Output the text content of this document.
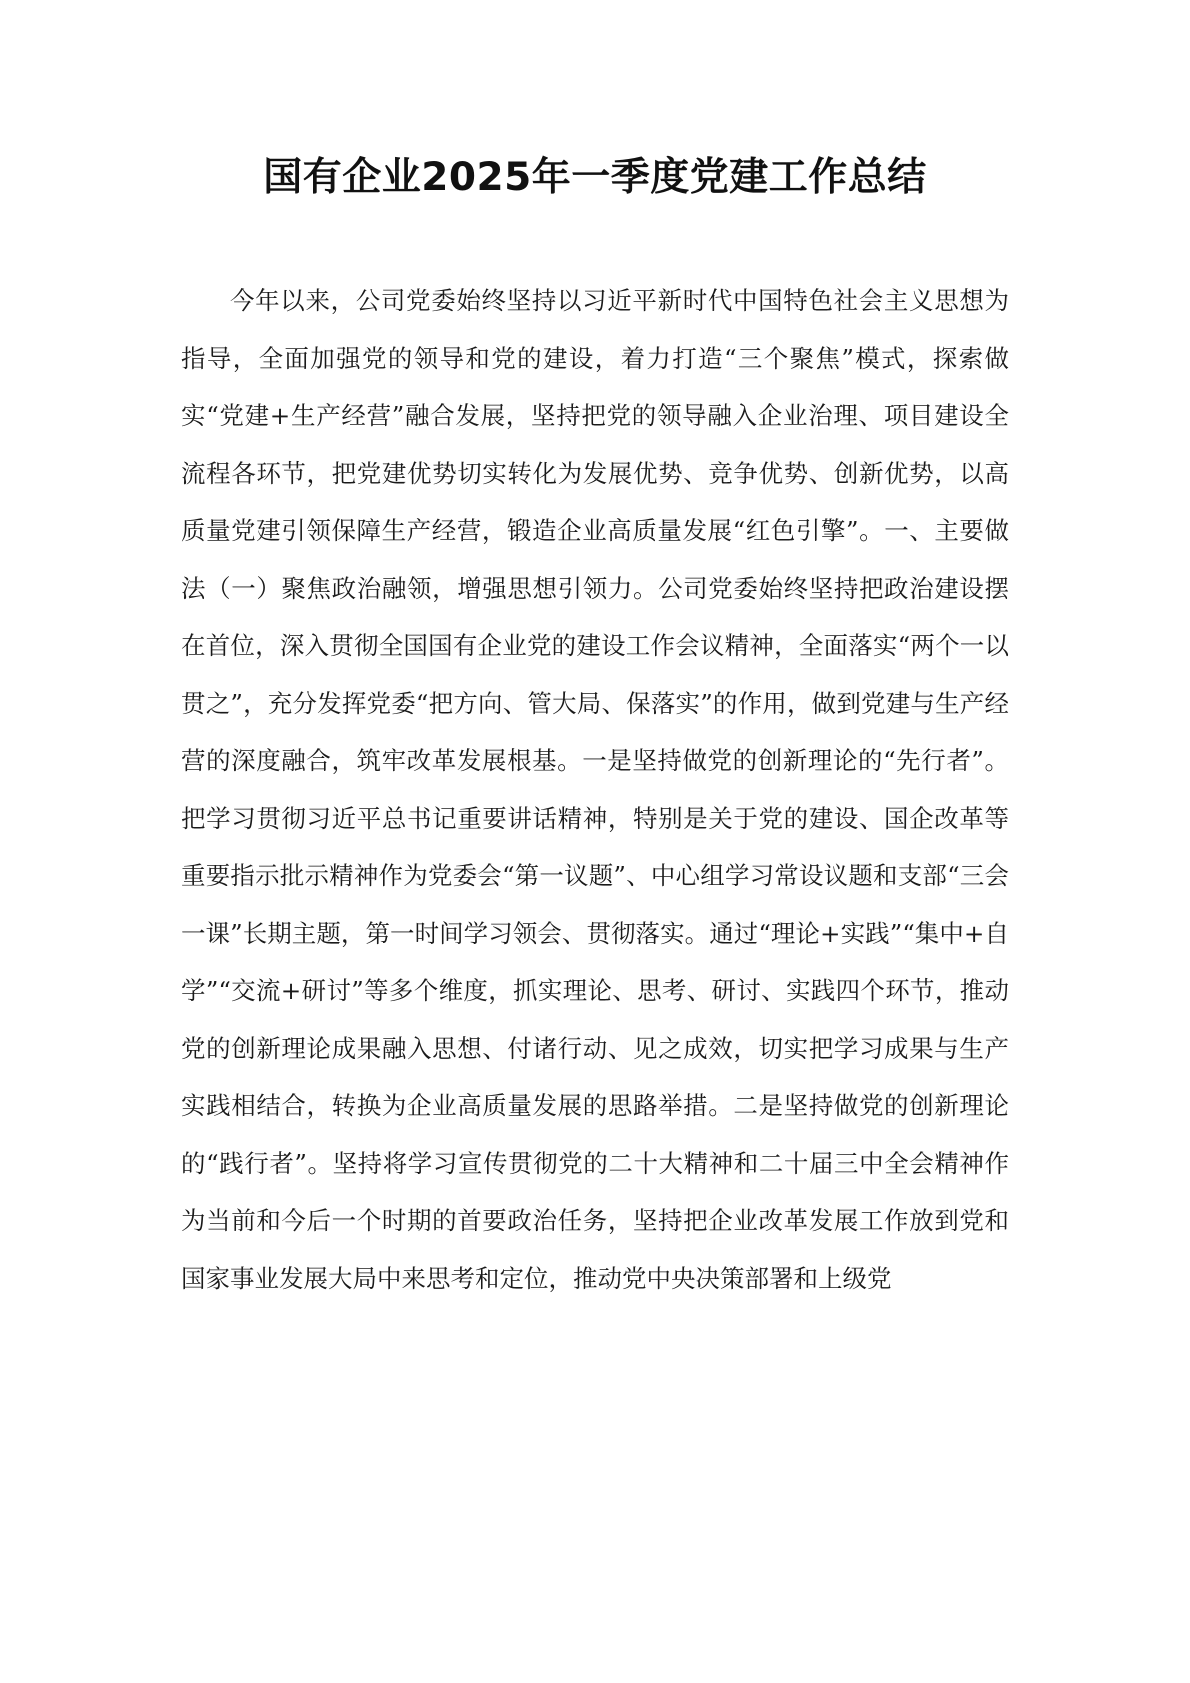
国有企业2025年一季度党建工作总结

今年以来，公司党委始终坚持以习近平新时代中国特色社会主义思想为指导，全面加强党的领导和党的建设，着力打造“三个聚焦”模式，探索做实“党建+生产经营”融合发展，坚持把党的领导融入企业治理、项目建设全流程各环节，把党建优势切实转化为发展优势、竞争优势、创新优势，以高质量党建引领保障生产经营，锻造企业高质量发展“红色引擎”。一、主要做法（一）聚焦政治融领，增强思想引领力。公司党委始终坚持把政治建设摆在首位，深入贯彻全国国有企业党的建设工作会议精神，全面落实“两个一以贯之”，充分发挥党委“把方向、管大局、保落实”的作用，做到党建与生产经营的深度融合，筑牢改革发展根基。一是坚持做党的创新理论的“先行者”。把学习贯彻习近平总书记重要讲话精神，特别是关于党的建设、国企改革等重要指示批示精神作为党委会“第一议题”、中心组学习常设议题和支部“三会一课”长期主题，第一时间学习领会、贯彻落实。通过“理论+实践”“集中+自学”“交流+研讨”等多个维度，抓实理论、思考、研讨、实践四个环节，推动党的创新理论成果融入思想、付诸行动、见之成效，切实把学习成果与生产实践相结合，转换为企业高质量发展的思路举措。二是坚持做党的创新理论的“践行者”。坚持将学习宣传贯彻党的二十大精神和二十届三中全会精神作为当前和今后一个时期的首要政治任务，坚持把企业改革发展工作放到党和国家事业发展大局中来思考和定位，推动党中央决策部署和上级党
